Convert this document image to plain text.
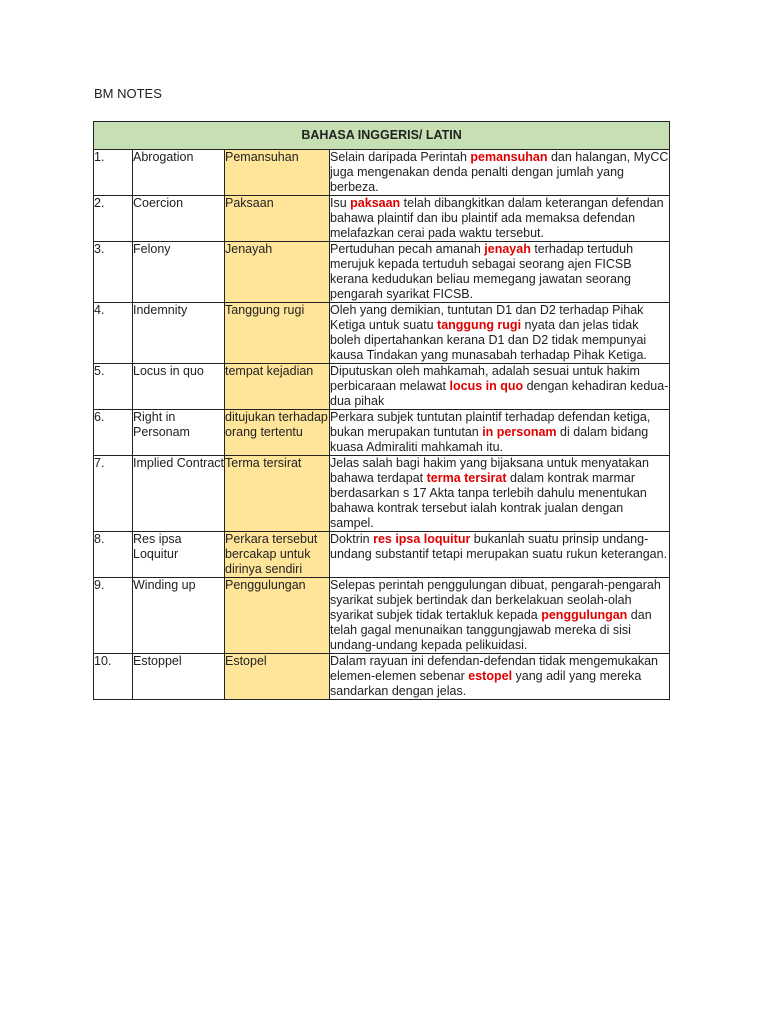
BM NOTES
BAHASA INGGERIS/ LATIN			
1.	Abrogation	Pemansuhan	Selain daripada Perintah pemansuhan dan halangan, MyCC juga mengenakan denda penalti dengan jumlah yang berbeza.
2.	Coercion	Paksaan	Isu paksaan telah dibangkitkan dalam keterangan defendan bahawa plaintif dan ibu plaintif ada memaksa defendan melafazkan cerai pada waktu tersebut.
3.	Felony	Jenayah	Pertuduhan pecah amanah jenayah terhadap tertuduh merujuk kepada tertuduh sebagai seorang ajen FICSB kerana kedudukan beliau memegang jawatan seorang pengarah syarikat FICSB.
4.	Indemnity	Tanggung rugi	Oleh yang demikian, tuntutan D1 dan D2 terhadap Pihak Ketiga untuk suatu tanggung rugi nyata dan jelas tidak boleh dipertahankan kerana D1 dan D2 tidak mempunyai kausa Tindakan yang munasabah terhadap Pihak Ketiga.
5.	Locus in quo	tempat kejadian	Diputuskan oleh mahkamah, adalah sesuai untuk hakim perbicaraan melawat locus in quo dengan kehadiran kedua-dua pihak
6.	Right in Personam	ditujukan terhadap orang tertentu	Perkara subjek tuntutan plaintif terhadap defendan ketiga, bukan merupakan tuntutan in personam di dalam bidang kuasa Admiraliti mahkamah itu.
7.	Implied Contract	Terma tersirat	Jelas salah bagi hakim yang bijaksana untuk menyatakan bahawa terdapat terma tersirat dalam kontrak marmar berdasarkan s 17 Akta tanpa terlebih dahulu menentukan bahawa kontrak tersebut ialah kontrak jualan dengan sampel.
8.	Res ipsa Loquitur	Perkara tersebut bercakap untuk dirinya sendiri	Doktrin res ipsa loquitur bukanlah suatu prinsip undang-undang substantif tetapi merupakan suatu rukun keterangan.
9.	Winding up	Penggulungan	Selepas perintah penggulungan dibuat, pengarah-pengarah syarikat subjek bertindak dan berkelakuan seolah-olah syarikat subjek tidak tertakluk kepada penggulungan dan telah gagal menunaikan tanggungjawab mereka di sisi undang-undang kepada pelikuidasi.
10.	Estoppel	Estopel	Dalam rayuan ini defendan-defendan tidak mengemukakan elemen-elemen sebenar estopel yang adil yang mereka sandarkan dengan jelas.
